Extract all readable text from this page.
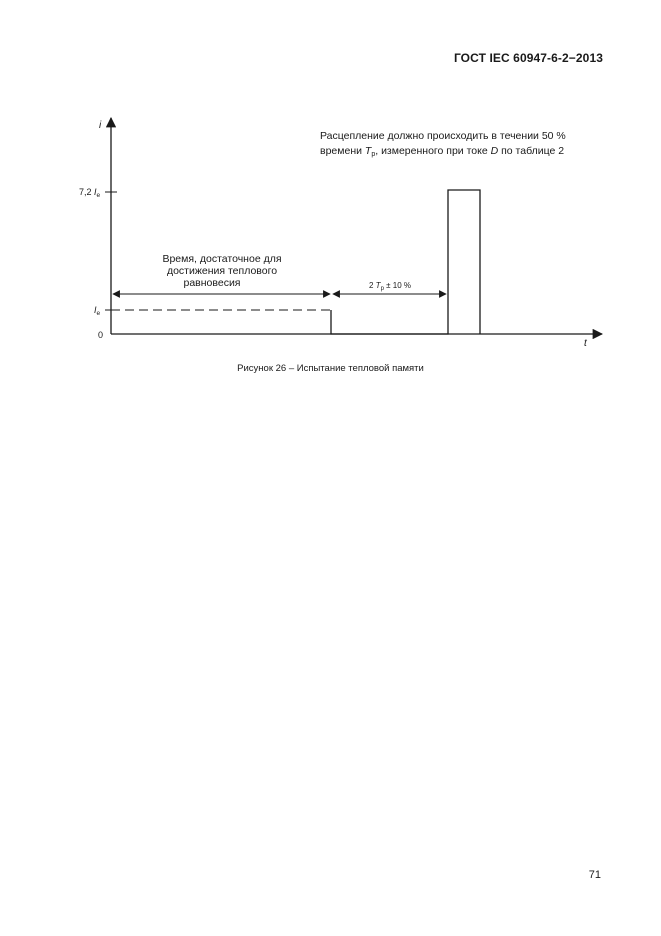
ГОСТ IEC 60947-6-2−2013
i
t
0
7,2 $I_e$
$I_e$
Время, достаточное для
достижения теплового
равновесия	2 $T_p \pm 10$ %
Расцепление должно происходить в течении 50 %
времени Tp, измеренного при токе D по таблице 2
Рисунок 26 – Испытание тепловой памяти
71
